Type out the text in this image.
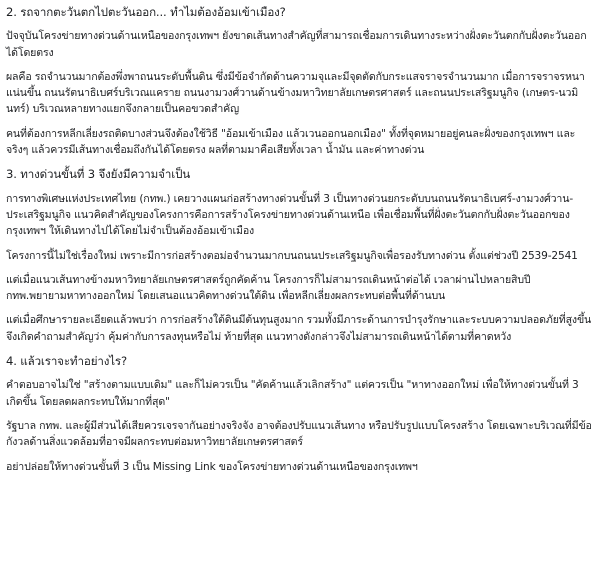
2. รถจากตะวันตกไปตะวันออก... ทำไมต้องอ้อมเข้าเมือง?

ปัจจุบันโครงข่ายทางด่วนด้านเหนือของกรุงเทพฯ ยังขาดเส้นทางสำคัญที่สามารถเชื่อมการเดินทางระหว่างฝั่งตะวันตกกับฝั่งตะวันออกได้โดยตรง

ผลคือ รถจำนวนมากต้องพึ่งพาถนนระดับพื้นดิน ซึ่งมีข้อจำกัดด้านความจุและมีจุดตัดกับกระแสจราจรจำนวนมาก เมื่อการจราจรหนาแน่นขึ้น ถนนรัตนาธิเบศร์บริเวณแคราย ถนนงามวงศ์วานด้านข้างมหาวิทยาลัยเกษตรศาสตร์ และถนนประเสริฐมนูกิจ (เกษตร-นวมินทร์) บริเวณหลายทางแยกจึงกลายเป็นคอขวดสำคัญ

คนที่ต้องการหลีกเลี่ยงรถติดบางส่วนจึงต้องใช้วิธี "อ้อมเข้าเมือง แล้วเวนออกนอกเมือง" ทั้งที่จุดหมายอยู่คนละฝั่งของกรุงเทพฯ และจริงๆ แล้วควรมีเส้นทางเชื่อมถึงกันได้โดยตรง ผลที่ตามมาคือเสียทั้งเวลา น้ำมัน และค่าทางด่วน

3. ทางด่วนขั้นที่ 3 จึงยังมีความจำเป็น

การทางพิเศษแห่งประเทศไทย (กทพ.) เคยวางแผนก่อสร้างทางด่วนขั้นที่ 3 เป็นทางด่วนยกระดับบนถนนรัตนาธิเบศร์-งามวงศ์วาน-ประเสริฐมนูกิจ แนวคิดสำคัญของโครงการคือการสร้างโครงข่ายทางด่วนด้านเหนือ เพื่อเชื่อมพื้นที่ฝั่งตะวันตกกับฝั่งตะวันออกของกรุงเทพฯ ให้เดินทางไปได้โดยไม่จำเป็นต้องอ้อมเข้าเมือง

โครงการนี้ไม่ใช่เรื่องใหม่ เพราะมีการก่อสร้างตอม่อจำนวนมากบนถนนประเสริฐมนูกิจเพื่อรองรับทางด่วน ตั้งแต่ช่วงปี 2539-2541

แต่เมื่อแนวเส้นทางข้างมหาวิทยาลัยเกษตรศาสตร์ถูกคัดค้าน โครงการก็ไม่สามารถเดินหน้าต่อได้ เวลาผ่านไปหลายสิบปี กทพ.พยายามหาทางออกใหม่ โดยเสนอแนวคิดทางด่วนใต้ดิน เพื่อหลีกเลี่ยงผลกระทบต่อพื้นที่ด้านบน

แต่เมื่อศึกษารายละเอียดแล้วพบว่า การก่อสร้างใต้ดินมีต้นทุนสูงมาก รวมทั้งมีภาระด้านการบำรุงรักษาและระบบความปลอดภัยที่สูงขึ้น จึงเกิดคำถามสำคัญว่า คุ้มค่ากับการลงทุนหรือไม่ ท้ายที่สุด แนวทางดังกล่าวจึงไม่สามารถเดินหน้าได้ตามที่คาดหวัง

4. แล้วเราจะทำอย่างไร?

คำตอบอาจไม่ใช่ "สร้างตามแบบเดิม" และก็ไม่ควรเป็น "คัดค้านแล้วเลิกสร้าง" แต่ควรเป็น "หาทางออกใหม่ เพื่อให้ทางด่วนขั้นที่ 3 เกิดขึ้น โดยลดผลกระทบให้มากที่สุด"

รัฐบาล กทพ. และผู้มีส่วนได้เสียควรเจรจากันอย่างจริงจัง อาจต้องปรับแนวเส้นทาง หรือปรับรูปแบบโครงสร้าง โดยเฉพาะบริเวณที่มีข้อกังวลด้านสิ่งแวดล้อมที่อาจมีผลกระทบต่อมหาวิทยาลัยเกษตรศาสตร์

อย่าปล่อยให้ทางด่วนขั้นที่ 3 เป็น Missing Link ของโครงข่ายทางด่วนด้านเหนือของกรุงเทพฯ
